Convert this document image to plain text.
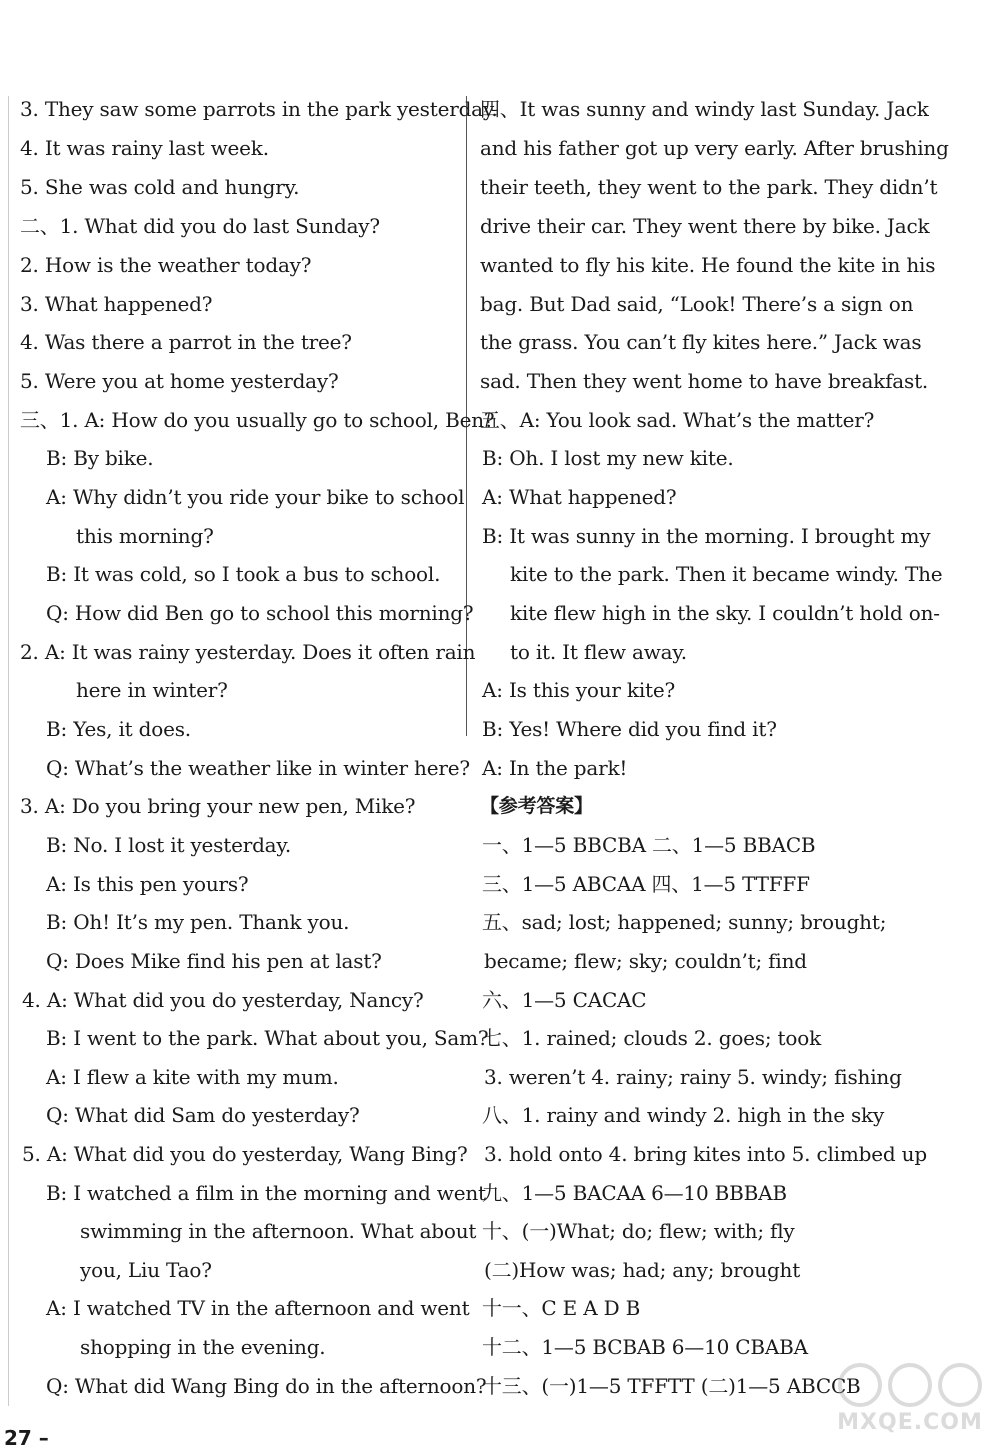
3. They saw some parrots in the park yesterday.
4. It was rainy last week.
5. She was cold and hungry.
二、1. What did you do last Sunday?
2. How is the weather today?
3. What happened?
4. Was there a parrot in the tree?
5. Were you at home yesterday?
三、1. A: How do you usually go to school, Ben?
B: By bike.
A: Why didn’t you ride your bike to school
this morning?
B: It was cold, so I took a bus to school.
Q: How did Ben go to school this morning?
2. A: It was rainy yesterday. Does it often rain
here in winter?
B: Yes, it does.
Q: What’s the weather like in winter here?
3. A: Do you bring your new pen, Mike?
B: No. I lost it yesterday.
A: Is this pen yours?
B: Oh! It’s my pen. Thank you.
Q: Does Mike find his pen at last?
4. A: What did you do yesterday, Nancy?
B: I went to the park. What about you, Sam?
A: I flew a kite with my mum.
Q: What did Sam do yesterday?
5. A: What did you do yesterday, Wang Bing?
B: I watched a film in the morning and went
swimming in the afternoon. What about
you, Liu Tao?
A: I watched TV in the afternoon and went
shopping in the evening.
Q: What did Wang Bing do in the afternoon?
四、It was sunny and windy last Sunday. Jack
and his father got up very early. After brushing
their teeth, they went to the park. They didn’t
drive their car. They went there by bike. Jack
wanted to fly his kite. He found the kite in his
bag. But Dad said, “Look! There’s a sign on
the grass. You can’t fly kites here.” Jack was
sad. Then they went home to have breakfast.
五、A: You look sad. What’s the matter?
B: Oh. I lost my new kite.
A: What happened?
B: It was sunny in the morning. I brought my
kite to the park. Then it became windy. The
kite flew high in the sky. I couldn’t hold on-
to it. It flew away.
A: Is this your kite?
B: Yes! Where did you find it?
A: In the park!
【参考答案】
一、1—5 BBCBA 二、1—5 BBACB
三、1—5 ABCAA 四、1—5 TTFFF
五、sad; lost; happened; sunny; brought;
became; flew; sky; couldn’t; find
六、1—5 CACAC
七、1. rained; clouds 2. goes; took
3. weren’t 4. rainy; rainy 5. windy; fishing
八、1. rainy and windy 2. high in the sky
3. hold onto 4. bring kites into 5. climbed up
九、1—5 BACAA 6—10 BBBAB
十、(一)What; do; flew; with; fly
(二)How was; had; any; brought
十一、C E A D B
十二、1—5 BCBAB 6—10 CBABA
十三、(一)1—5 TFFTT (二)1—5 ABCCB
MXQE.COM
27 –
